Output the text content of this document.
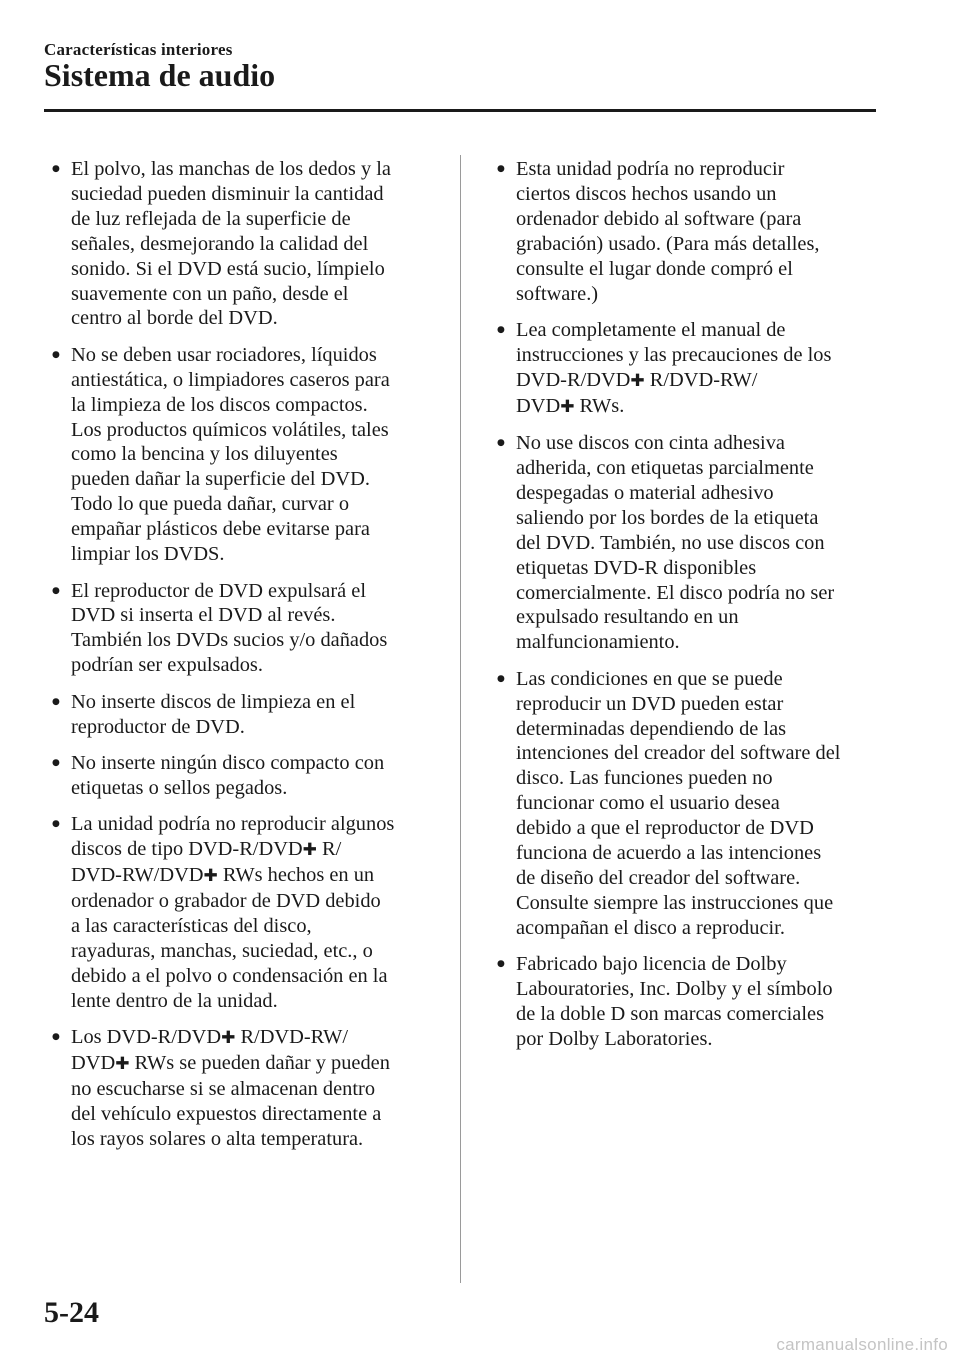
Características interiores
Sistema de audio
● El polvo, las manchas de los dedos y la
suciedad pueden disminuir la cantidad
de luz reflejada de la superficie de
señales, desmejorando la calidad del
sonido. Si el DVD está sucio, límpielo
suavemente con un paño, desde el
centro al borde del DVD.
● No se deben usar rociadores, líquidos
antiestática, o limpiadores caseros para
la limpieza de los discos compactos.
Los productos químicos volátiles, tales
como la bencina y los diluyentes
pueden dañar la superficie del DVD.
Todo lo que pueda dañar, curvar o
empañar plásticos debe evitarse para
limpiar los DVDS.
● El reproductor de DVD expulsará el
DVD si inserta el DVD al revés.
También los DVDs sucios y/o dañados
podrían ser expulsados.
● No inserte discos de limpieza en el
reproductor de DVD.
● No inserte ningún disco compacto con
etiquetas o sellos pegados.
● La unidad podría no reproducir algunos
discos de tipo DVD-R/DVD✚ R/
DVD-RW/DVD✚ RWs hechos en un
ordenador o grabador de DVD debido
a las características del disco,
rayaduras, manchas, suciedad, etc., o
debido a el polvo o condensación en la
lente dentro de la unidad.
● Los DVD-R/DVD✚ R/DVD-RW/
DVD✚ RWs se pueden dañar y pueden
no escucharse si se almacenan dentro
del vehículo expuestos directamente a
los rayos solares o alta temperatura.
● Esta unidad podría no reproducir
ciertos discos hechos usando un
ordenador debido al software (para
grabación) usado. (Para más detalles,
consulte el lugar donde compró el
software.)
● Lea completamente el manual de
instrucciones y las precauciones de los
DVD-R/DVD✚ R/DVD-RW/
DVD✚ RWs.
● No use discos con cinta adhesiva
adherida, con etiquetas parcialmente
despegadas o material adhesivo
saliendo por los bordes de la etiqueta
del DVD. También, no use discos con
etiquetas DVD-R disponibles
comercialmente. El disco podría no ser
expulsado resultando en un
malfuncionamiento.
● Las condiciones en que se puede
reproducir un DVD pueden estar
determinadas dependiendo de las
intenciones del creador del software del
disco. Las funciones pueden no
funcionar como el usuario desea
debido a que el reproductor de DVD
funciona de acuerdo a las intenciones
de diseño del creador del software.
Consulte siempre las instrucciones que
acompañan el disco a reproducir.
● Fabricado bajo licencia de Dolby
Labouratories, Inc. Dolby y el símbolo
de la doble D son marcas comerciales
por Dolby Laboratories.
5-24
carmanualsonline.info
